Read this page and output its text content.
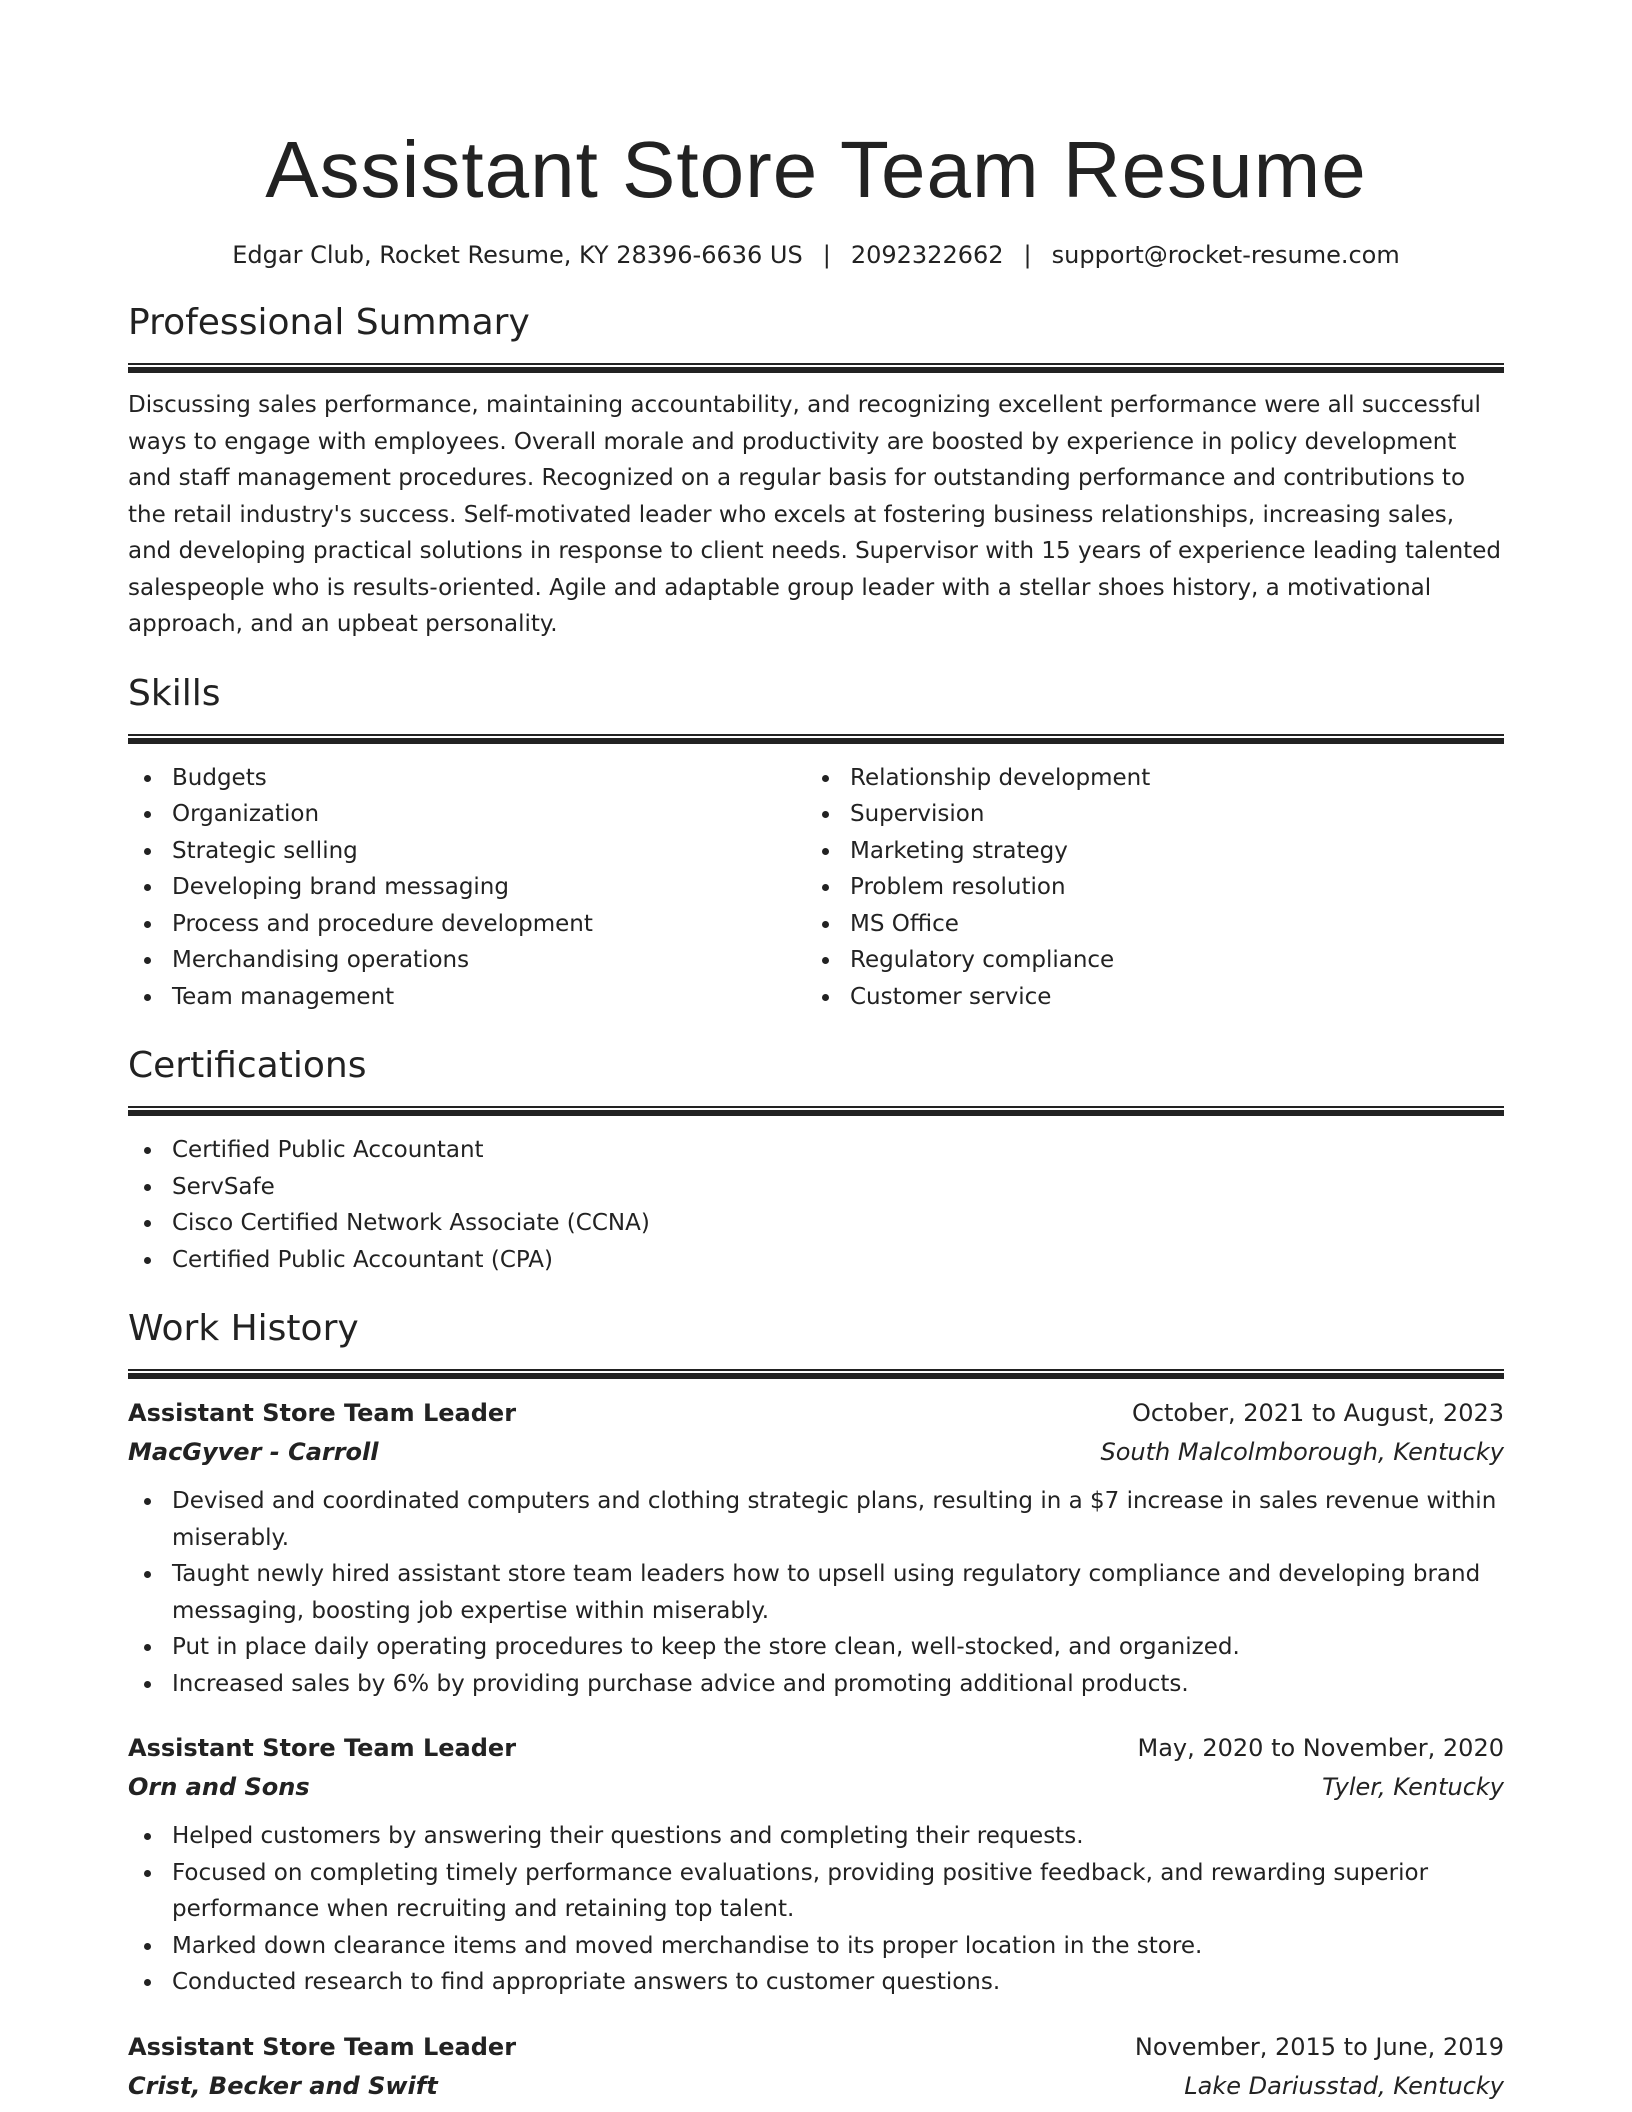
Assistant Store Team Resume
Edgar Club, Rocket Resume, KY 28396-6636 US | 2092322662 | support@rocket-resume.com
Professional Summary

Discussing sales performance, maintaining accountability, and recognizing excellent performance were all successful ways to engage with employees. Overall morale and productivity are boosted by experience in policy development and staff management procedures. Recognized on a regular basis for outstanding performance and contributions to the retail industry's success. Self-motivated leader who excels at fostering business relationships, increasing sales, and developing practical solutions in response to client needs. Supervisor with 15 years of experience leading talented salespeople who is results-oriented. Agile and adaptable group leader with a stellar shoes history, a motivational approach, and an upbeat personality.

Skills
Budgets
Organization
Strategic selling
Developing brand messaging
Process and procedure development
Merchandising operations
Team management
Relationship development
Supervision
Marketing strategy
Problem resolution
MS Office
Regulatory compliance
Customer service
Certifications
Certified Public Accountant
ServSafe
Cisco Certified Network Associate (CCNA)
Certified Public Accountant (CPA)
Work History
Assistant Store Team Leader	October, 2021 to August, 2023
MacGyver - Carroll	South Malcolmborough, Kentucky
Devised and coordinated computers and clothing strategic plans, resulting in a $7 increase in sales revenue within miserably.
Taught newly hired assistant store team leaders how to upsell using regulatory compliance and developing brand messaging, boosting job expertise within miserably.
Put in place daily operating procedures to keep the store clean, well-stocked, and organized.
Increased sales by 6% by providing purchase advice and promoting additional products.
Assistant Store Team Leader	May, 2020 to November, 2020
Orn and Sons	Tyler, Kentucky
Helped customers by answering their questions and completing their requests.
Focused on completing timely performance evaluations, providing positive feedback, and rewarding superior performance when recruiting and retaining top talent.
Marked down clearance items and moved merchandise to its proper location in the store.
Conducted research to find appropriate answers to customer questions.
Assistant Store Team Leader	November, 2015 to June, 2019
Crist, Becker and Swift	Lake Dariusstad, Kentucky
